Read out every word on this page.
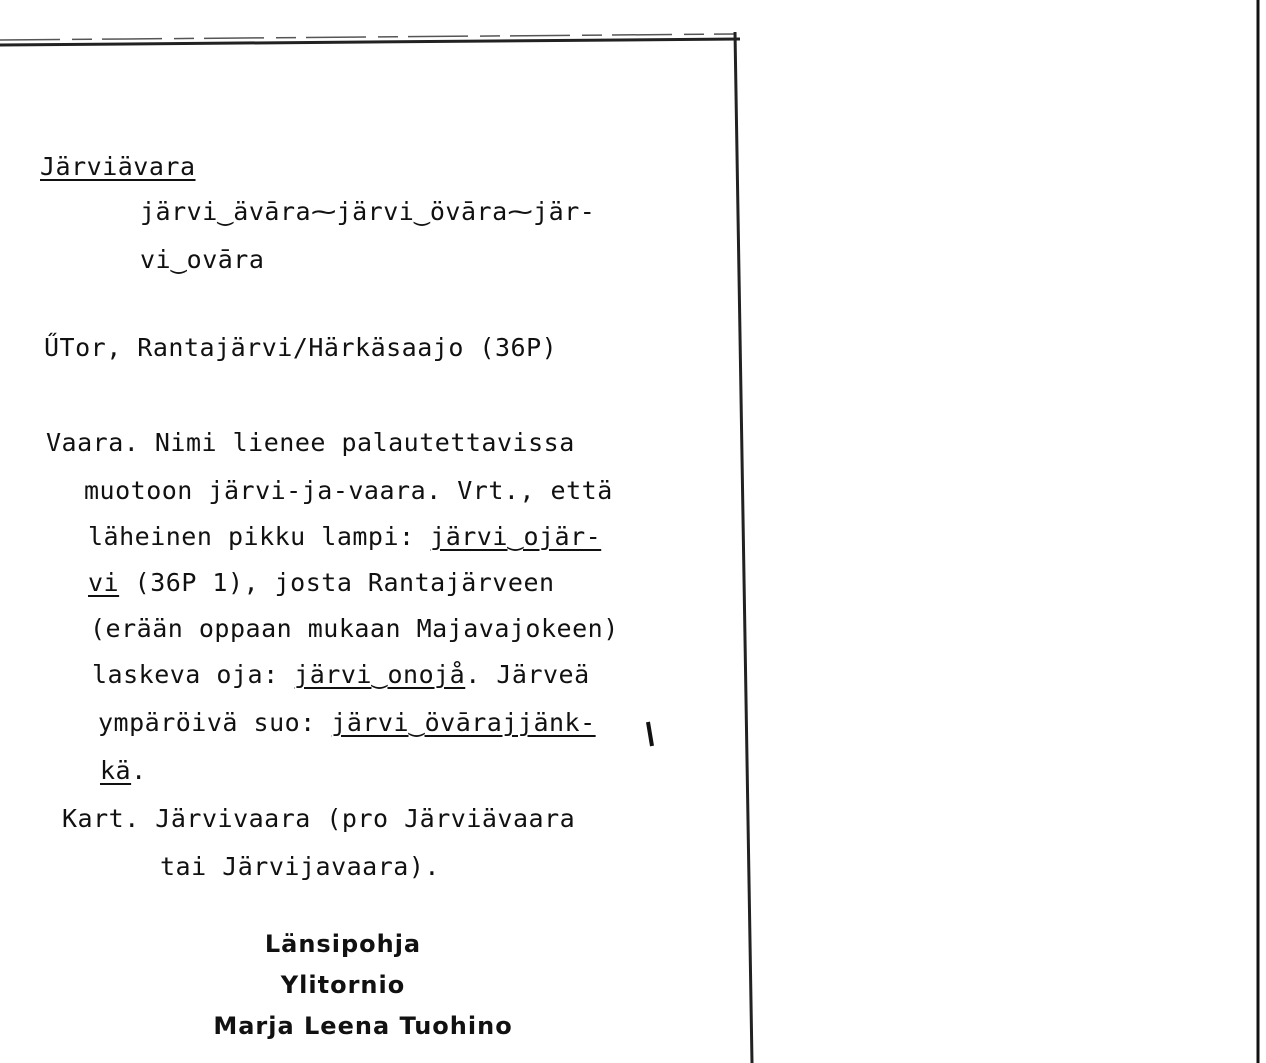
Järviävara
järvi‿ävāra⁓järvi‿övāra⁓jär-
vi‿ovāra
ŰTor, Rantajärvi/Härkäsaajo (36P)
Vaara. Nimi lienee palautettavissa
muotoon järvi-ja-vaara. Vrt., että
läheinen pikku lampi: järvi‿ojär-
vi (36P 1), josta Rantajärveen
(erään oppaan mukaan Majavajokeen)
laskeva oja: järvi‿onojå. Järveä
ympäröivä suo: järvi‿övārajjänk-
kä.
Kart. Järvivaara (pro Järviävaara
tai Järvijavaara).
Länsipohja
Ylitornio
Marja Leena Tuohino
